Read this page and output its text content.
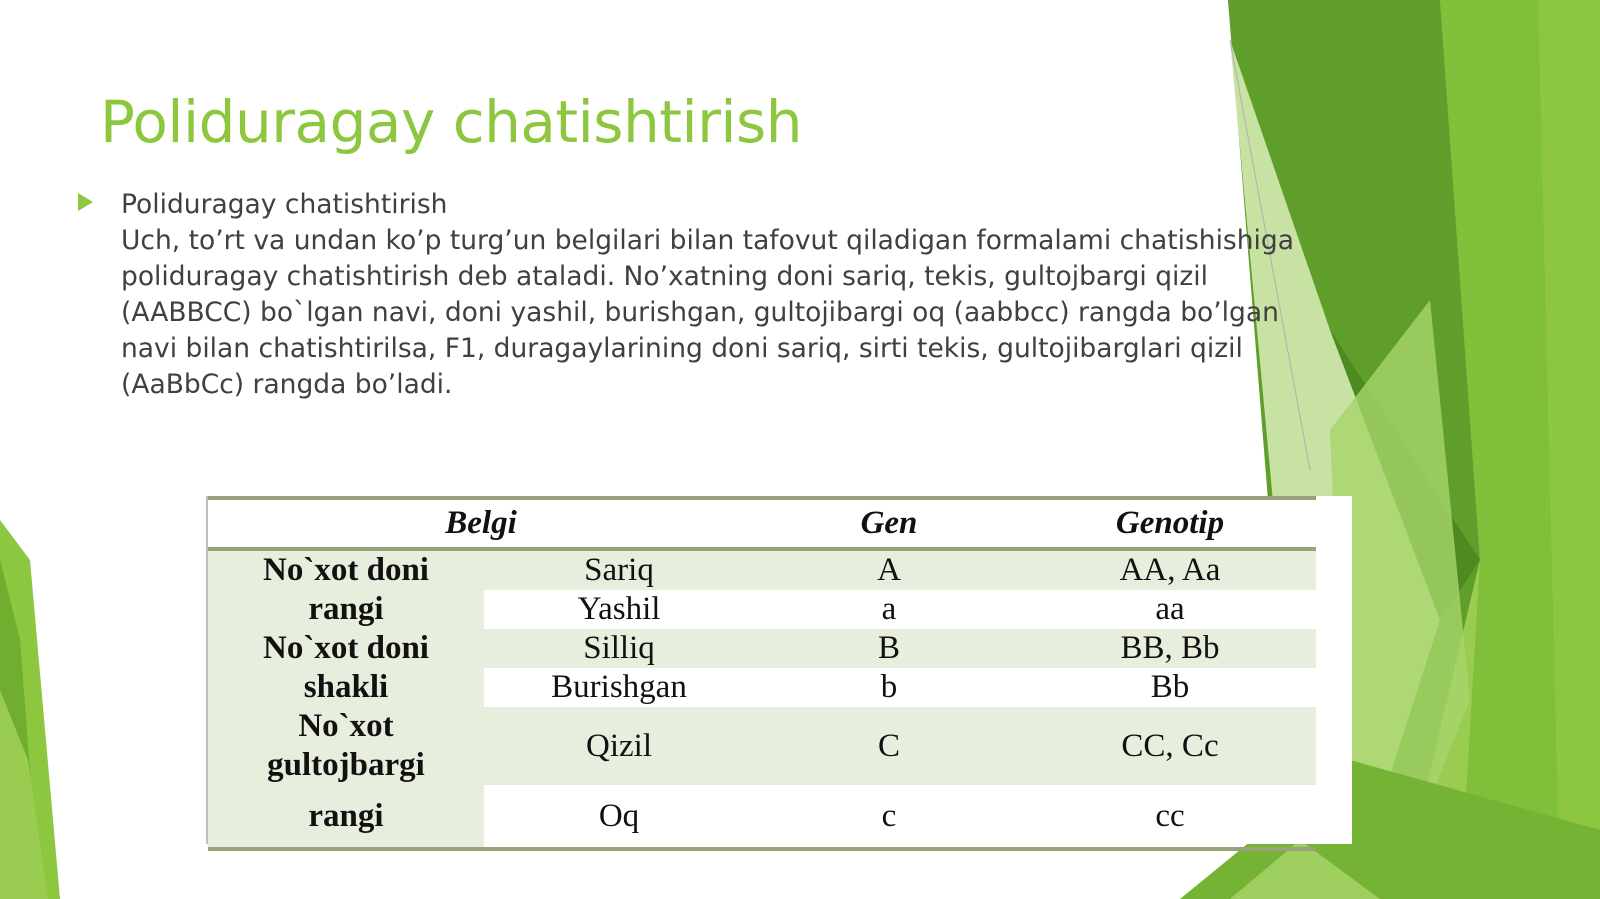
Poliduragay chatishtirish
Poliduragay chatishtirish
Uch, to’rt va undan ko’p turg’un belgilari bilan tafovut qiladigan formalami chatishishiga
poliduragay chatishtirish deb ataladi. No’xatning doni sariq, tekis, gultojbargi qizil
(AABBCC) bo`lgan navi, doni yashil, burishgan, gultojibargi oq (aabbcc) rangda bo’lgan
navi bilan chatishtirilsa, F1, duragaylarining doni sariq, sirti tekis, gultojibarglari qizil
(AaBbCc) rangda bo’ladi.
Belgi		Gen	Genotip
No`xot doni	Sariq	A	AA, Aa
rangi	Yashil	a	aa
No`xot doni	Silliq	B	BB, Bb
shakli	Burishgan	b	Bb

No`xot
gultojbargi	Qizil	C	CC, Cc
rangi	Oq	c	cc
